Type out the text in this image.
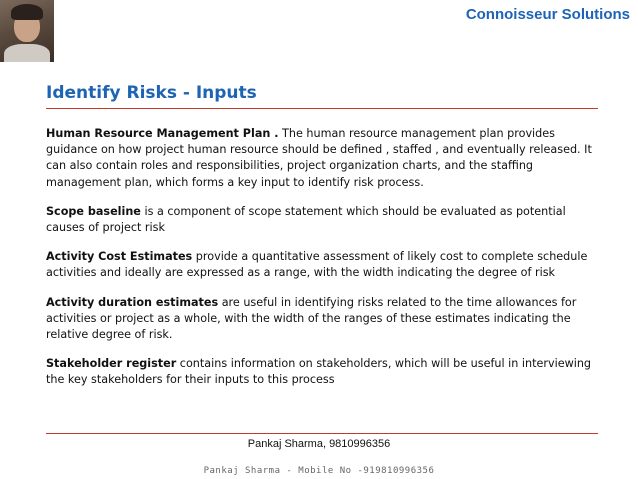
Connoisseur Solutions
Identify Risks - Inputs

Human Resource Management Plan . The human resource management plan provides guidance on how project human resource should be defined , staffed , and eventually released. It can also contain roles and responsibilities, project organization charts, and the staffing management plan, which forms a key input to identify risk process.

Scope baseline is a component of scope statement which should be evaluated as potential causes of project risk

Activity Cost Estimates provide a quantitative assessment of likely cost to complete schedule activities and ideally are expressed as a range, with the width indicating the degree of risk

Activity duration estimates are useful in identifying risks related to the time allowances for activities or project as a whole, with the width of the ranges of these estimates indicating the relative degree of risk.

Stakeholder register contains information on stakeholders, which will be useful in interviewing the key stakeholders for their inputs to this process

Pankaj Sharma, 9810996356
Pankaj Sharma - Mobile No -919810996356
